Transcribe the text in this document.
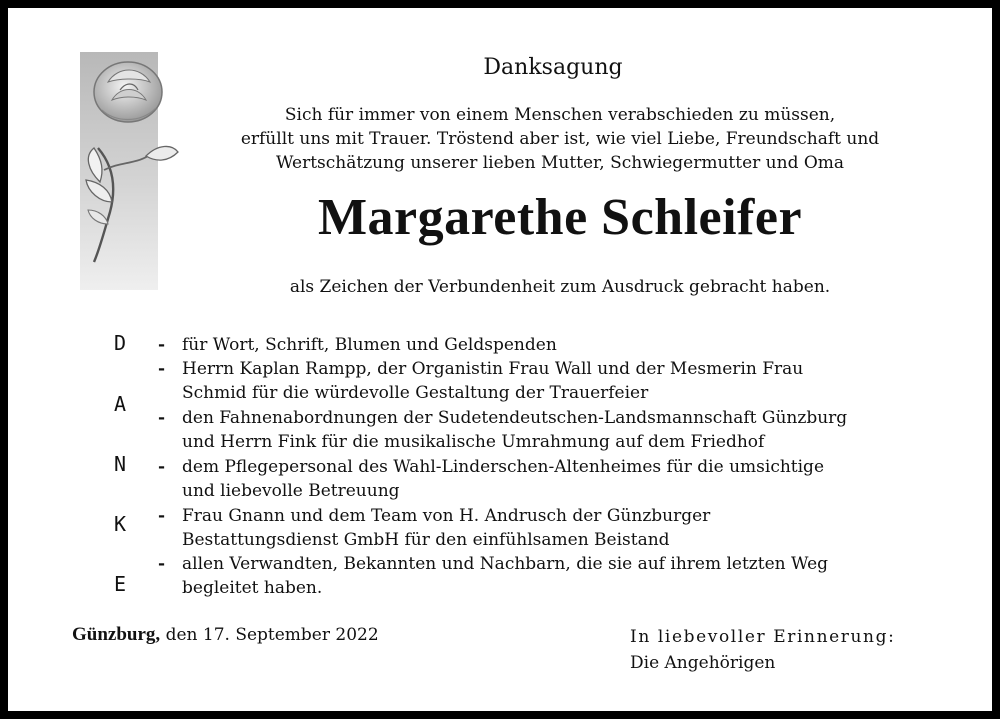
Danksagung
Sich für immer von einem Menschen verabschieden zu müssen,
erfüllt uns mit Trauer. Tröstend aber ist, wie viel Liebe, Freundschaft und
Wertschätzung unserer lieben Mutter, Schwiegermutter und Oma
Margarethe Schleifer
als Zeichen der Verbundenheit zum Ausdruck gebracht haben.
D
A
N
K
E
- für Wort, Schrift, Blumen und Geldspenden
- Herrn Kaplan Rampp, der Organistin Frau Wall und der Mesmerin Frau
Schmid für die würdevolle Gestaltung der Trauerfeier
- den Fahnenabordnungen der Sudetendeutschen-Landsmannschaft Günzburg
und Herrn Fink für die musikalische Umrahmung auf dem Friedhof
- dem Pflegepersonal des Wahl-Linderschen-Altenheimes für die umsichtige
und liebevolle Betreuung
- Frau Gnann und dem Team von H. Andrusch der Günzburger
Bestattungsdienst GmbH für den einfühlsamen Beistand
- allen Verwandten, Bekannten und Nachbarn, die sie auf ihrem letzten Weg
begleitet haben.
Günzburg, den 17. September 2022	In liebevoller Erinnerung:
Die Angehörigen
